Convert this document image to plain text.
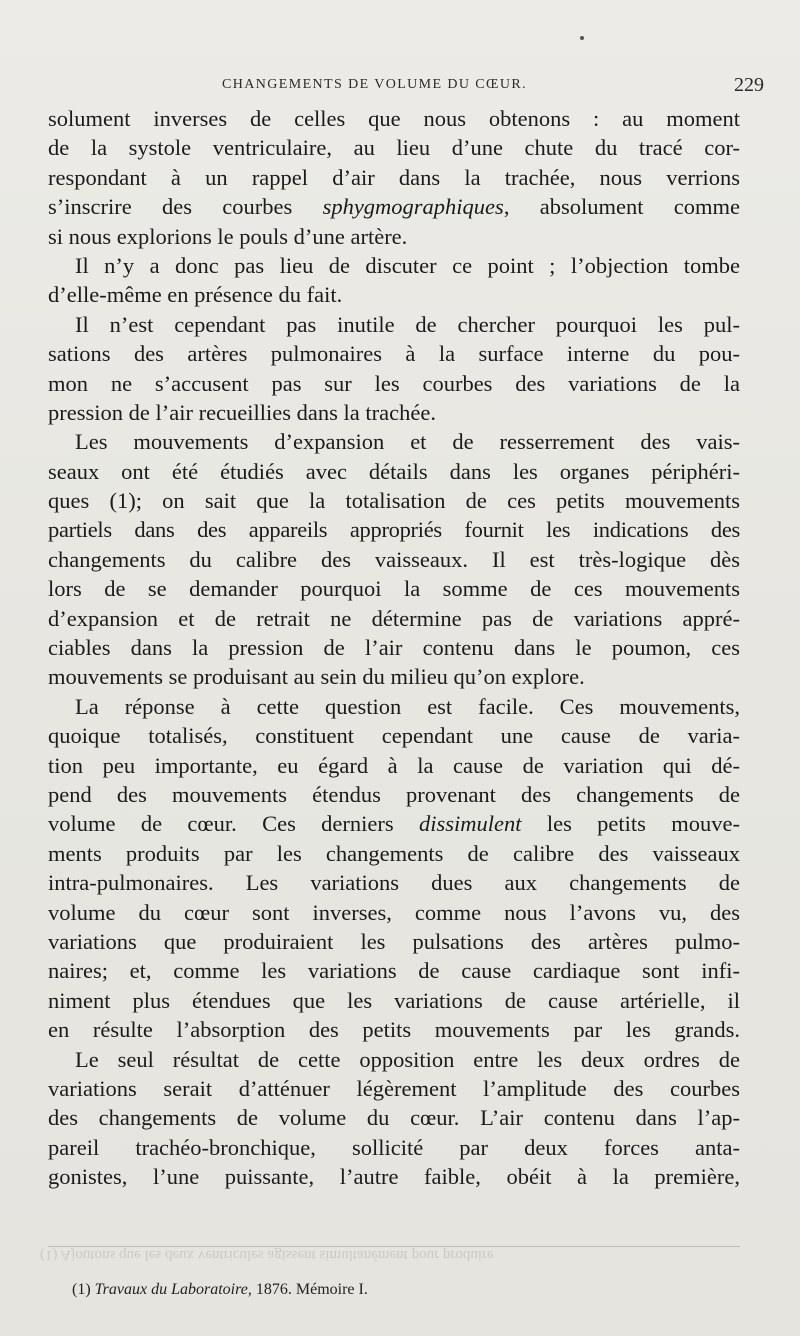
CHANGEMENTS DE VOLUME DU CŒUR.	229
solument inverses de celles que nous obtenons : au moment
de la systole ventriculaire, au lieu d’une chute du tracé cor-
respondant à un rappel d’air dans la trachée, nous verrions
s’inscrire des courbes sphygmographiques, absolument comme
si nous explorions le pouls d’une artère.
Il n’y a donc pas lieu de discuter ce point ; l’objection tombe
d’elle-même en présence du fait.
Il n’est cependant pas inutile de chercher pourquoi les pul-
sations des artères pulmonaires à la surface interne du pou-
mon ne s’accusent pas sur les courbes des variations de la
pression de l’air recueillies dans la trachée.
Les mouvements d’expansion et de resserrement des vais-
seaux ont été étudiés avec détails dans les organes périphéri-
ques (1); on sait que la totalisation de ces petits mouvements
partiels dans des appareils appropriés fournit les indications des
changements du calibre des vaisseaux. Il est très-logique dès
lors de se demander pourquoi la somme de ces mouvements
d’expansion et de retrait ne détermine pas de variations appré-
ciables dans la pression de l’air contenu dans le poumon, ces
mouvements se produisant au sein du milieu qu’on explore.
La réponse à cette question est facile. Ces mouvements,
quoique totalisés, constituent cependant une cause de varia-
tion peu importante, eu égard à la cause de variation qui dé-
pend des mouvements étendus provenant des changements de
volume de cœur. Ces derniers dissimulent les petits mouve-
ments produits par les changements de calibre des vaisseaux
intra-pulmonaires. Les variations dues aux changements de
volume du cœur sont inverses, comme nous l’avons vu, des
variations que produiraient les pulsations des artères pulmo-
naires; et, comme les variations de cause cardiaque sont infi-
niment plus étendues que les variations de cause artérielle, il
en résulte l’absorption des petits mouvements par les grands.
Le seul résultat de cette opposition entre les deux ordres de
variations serait d’atténuer légèrement l’amplitude des courbes
des changements de volume du cœur. L’air contenu dans l’ap-
pareil trachéo-bronchique, sollicité par deux forces anta-
gonistes, l’une puissante, l’autre faible, obéit à la première,
(1) Ajoutons que les deux ventricules agissent simultanément pour produire
(1) Travaux du Laboratoire, 1876. Mémoire I.
